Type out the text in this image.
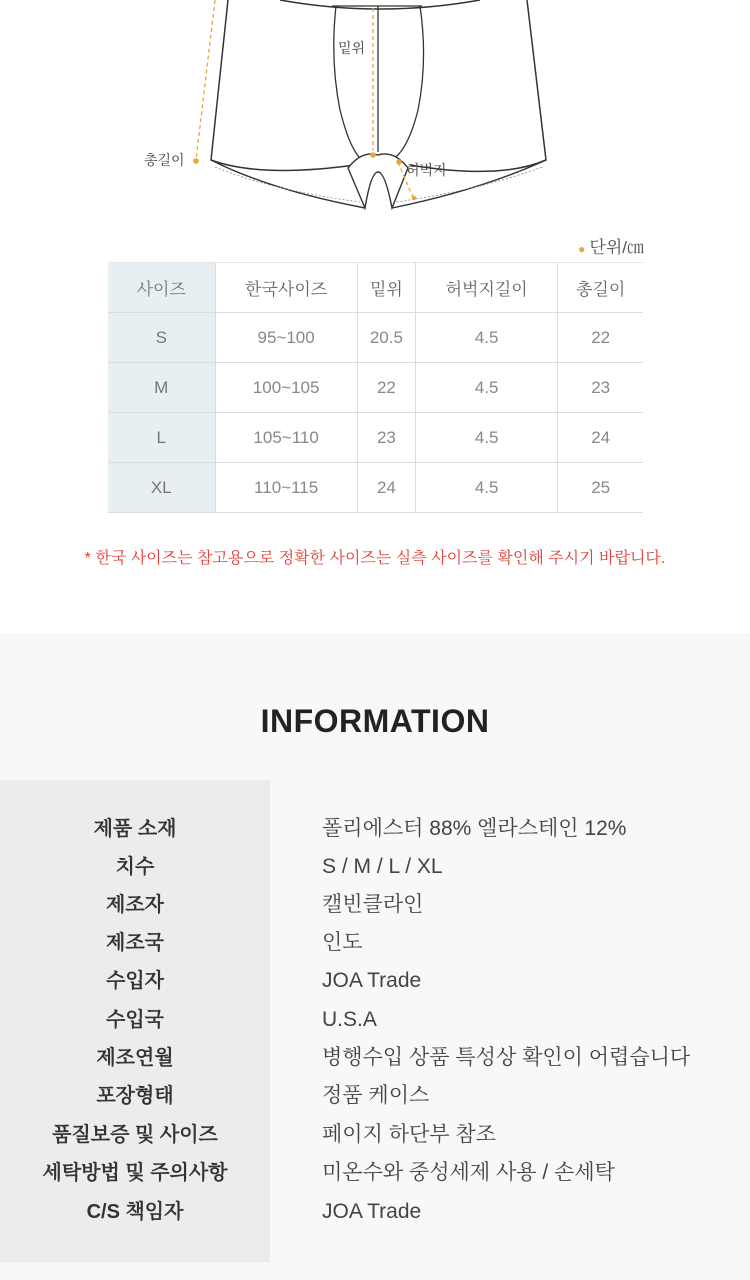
밑위
총길이
허벅지
● 단위/㎝
사이즈	한국사이즈	밑위	허벅지길이	총길이
S	95~100	20.5	4.5	22
M	100~105	22	4.5	23
L	105~110	23	4.5	24
XL	110~115	24	4.5	25
* 한국 사이즈는 참고용으로 정확한 사이즈는 실측 사이즈를 확인해 주시기 바랍니다.
INFORMATION
제품 소재	폴리에스터 88% 엘라스테인 12%
치수	S / M / L / XL
제조자	캘빈클라인
제조국	인도
수입자	JOA Trade
수입국	U.S.A
제조연월	병행수입 상품 특성상 확인이 어렵습니다
포장형태	정품 케이스
품질보증 및 사이즈	페이지 하단부 참조
세탁방법 및 주의사항	미온수와 중성세제 사용 / 손세탁
C/S 책임자	JOA Trade
